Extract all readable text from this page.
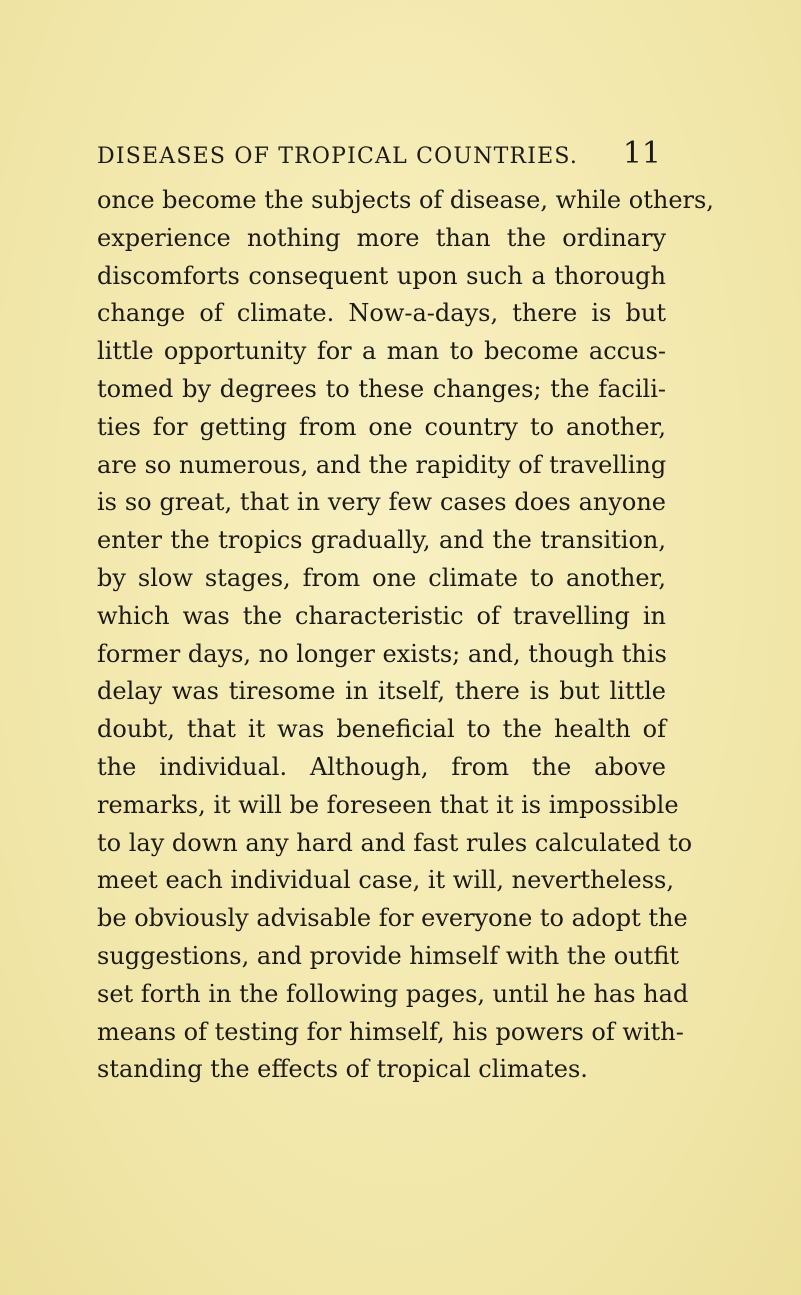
DISEASES OF TROPICAL COUNTRIES. 11
once become the subjects of disease, while others,
experience nothing more than the ordinary
discomforts consequent upon such a thorough
change of climate. Now-a-days, there is but
little opportunity for a man to become accus-
tomed by degrees to these changes; the facili-
ties for getting from one country to another,
are so numerous, and the rapidity of travelling
is so great, that in very few cases does anyone
enter the tropics gradually, and the transition,
by slow stages, from one climate to another,
which was the characteristic of travelling in
former days, no longer exists; and, though this
delay was tiresome in itself, there is but little
doubt, that it was beneficial to the health of
the individual. Although, from the above
remarks, it will be foreseen that it is impossible
to lay down any hard and fast rules calculated to
meet each individual case, it will, nevertheless,
be obviously advisable for everyone to adopt the
suggestions, and provide himself with the outfit
set forth in the following pages, until he has had
means of testing for himself, his powers of with-
standing the effects of tropical climates.
